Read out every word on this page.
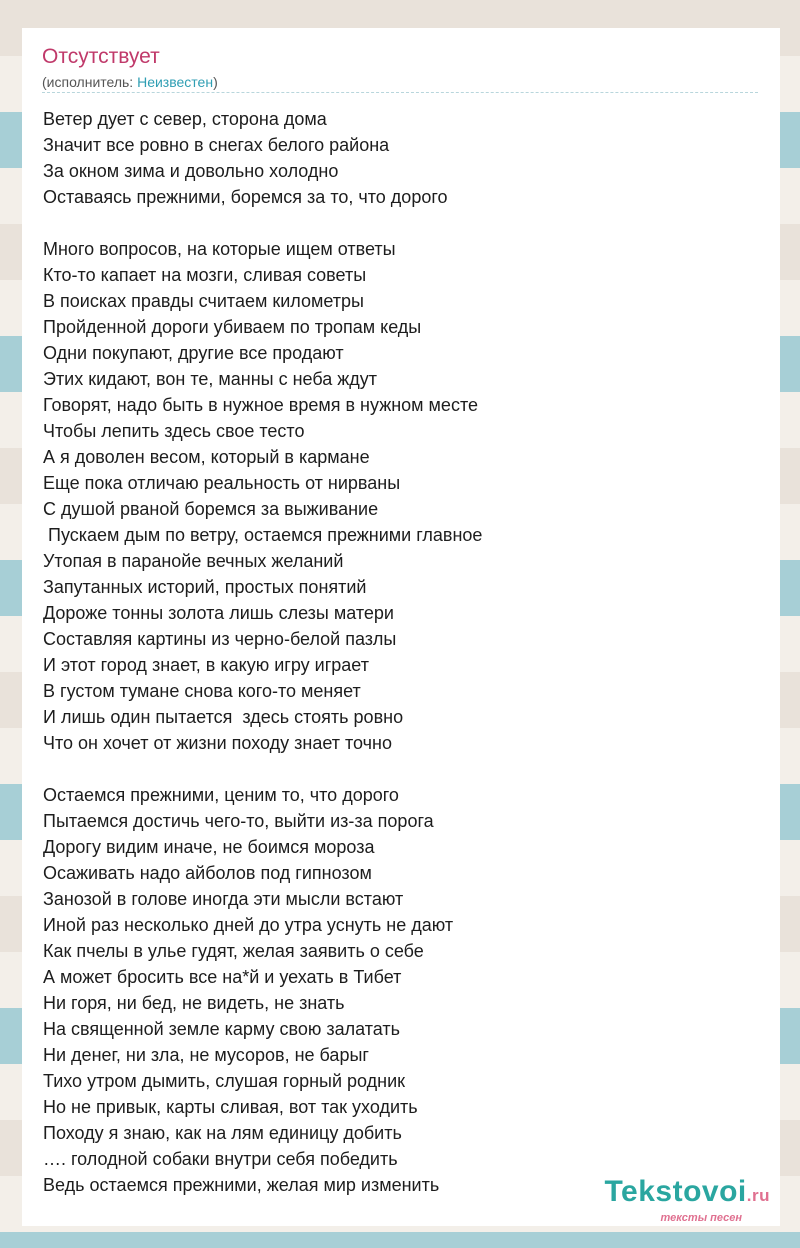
Отсутствует
(исполнитель: Неизвестен)
Ветер дует с север, сторона дома
Значит все ровно в снегах белого района
За окном зима и довольно холодно
Оставаясь прежними, боремся за то, что дорого
Много вопросов, на которые ищем ответы
Кто-то капает на мозги, сливая советы
В поисках правды считаем километры
Пройденной дороги убиваем по тропам кеды
Одни покупают, другие все продают
Этих кидают, вон те, манны с неба ждут
Говорят, надо быть в нужное время в нужном месте
Чтобы лепить здесь свое тесто
А я доволен весом, который в кармане
Еще пока отличаю реальность от нирваны
С душой рваной боремся за выживание
Пускаем дым по ветру, остаемся прежними главное
Утопая в паранойе вечных желаний
Запутанных историй, простых понятий
Дороже тонны золота лишь слезы матери
Составляя картины из черно-белой пазлы
И этот город знает, в какую игру играет
В густом тумане снова кого-то меняет
И лишь один пытается  здесь стоять ровно
Что он хочет от жизни походу знает точно
Остаемся прежними, ценим то, что дорого
Пытаемся достичь чего-то, выйти из-за порога
Дорогу видим иначе, не боимся мороза
Осаживать надо айболов под гипнозом
Занозой в голове иногда эти мысли встают
Иной раз несколько дней до утра уснуть не дают
Как пчелы в улье гудят, желая заявить о себе
А может бросить все на*й и уехать в Тибет
Ни горя, ни бед, не видеть, не знать
На священной земле карму свою залатать
Ни денег, ни зла, не мусоров, не барыг
Тихо утром дымить, слушая горный родник
Но не привык, карты сливая, вот так уходить
Походу я знаю, как на лям единицу добить
…. голодной собаки внутри себя победить
Ведь остаемся прежними, желая мир изменить	Tekstovoi.ru
тексты песен
